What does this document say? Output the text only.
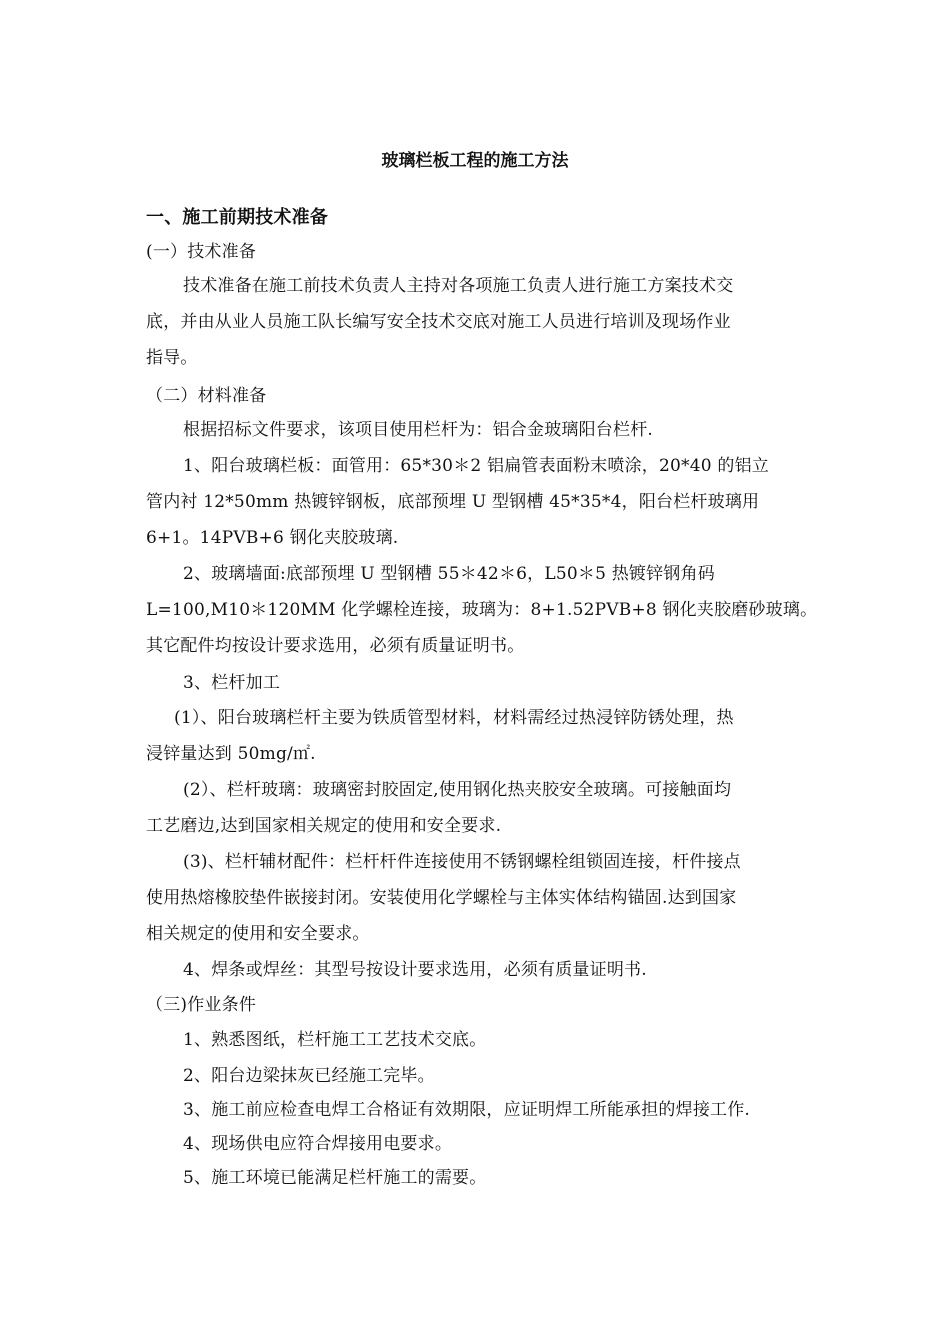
玻璃栏板工程的施工方法
一、施工前期技术准备
(一）技术准备
技术准备在施工前技术负责人主持对各项施工负责人进行施工方案技术交
底，并由从业人员施工队长编写安全技术交底对施工人员进行培训及现场作业
指导。
（二）材料准备
根据招标文件要求，该项目使用栏杆为：铝合金玻璃阳台栏杆.
1、阳台玻璃栏板：面管用：65*30＊2 铝扁管表面粉末喷涂，20*40 的铝立
管内衬 12*50mm 热镀锌钢板，底部预埋 U 型钢槽 45*35*4，阳台栏杆玻璃用
6+1。14PVB+6 钢化夹胶玻璃.
2、玻璃墙面:底部预埋 U 型钢槽 55＊42＊6，L50＊5 热镀锌钢角码
L=100,M10＊120MM 化学螺栓连接，玻璃为：8+1.52PVB+8 钢化夹胶磨砂玻璃。
其它配件均按设计要求选用，必须有质量证明书。
3、栏杆加工
(1）、阳台玻璃栏杆主要为铁质管型材料，材料需经过热浸锌防锈处理，热
浸锌量达到 50mg/㎡.
(2）、栏杆玻璃：玻璃密封胶固定,使用钢化热夹胶安全玻璃。可接触面均
工艺磨边,达到国家相关规定的使用和安全要求.
(3)、栏杆辅材配件：栏杆杆件连接使用不锈钢螺栓组锁固连接，杆件接点
使用热熔橡胶垫件嵌接封闭。安装使用化学螺栓与主体实体结构锚固.达到国家
相关规定的使用和安全要求。
4、焊条或焊丝：其型号按设计要求选用，必须有质量证明书.
（三)作业条件
1、熟悉图纸，栏杆施工工艺技术交底。
2、阳台边梁抹灰已经施工完毕。
3、施工前应检查电焊工合格证有效期限，应证明焊工所能承担的焊接工作.
4、现场供电应符合焊接用电要求。
5、施工环境已能满足栏杆施工的需要。
